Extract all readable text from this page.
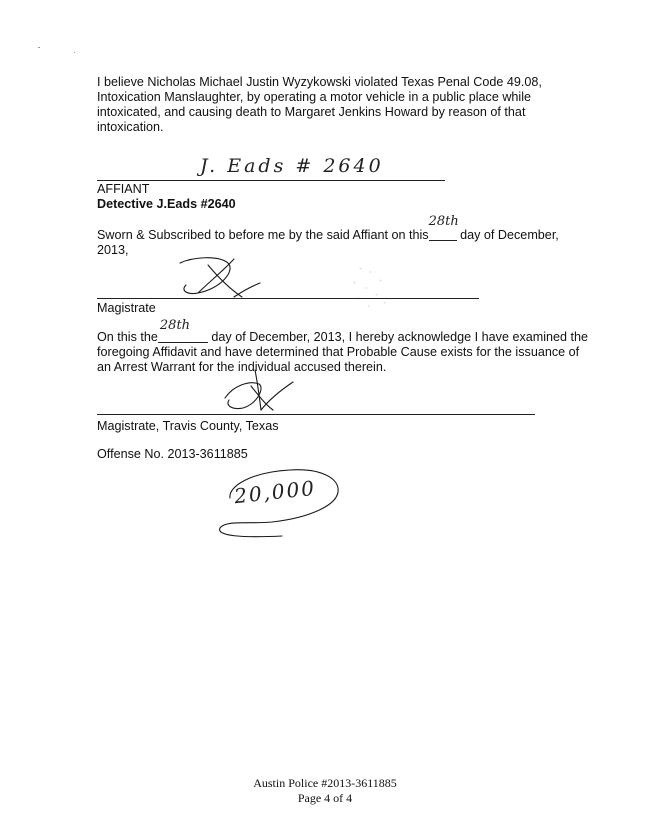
I believe Nicholas Michael Justin Wyzykowski violated Texas Penal Code 49.08,
Intoxication Manslaughter, by operating a motor vehicle in a public place while
intoxicated, and causing death to Margaret Jenkins Howard by reason of that
intoxication.
J. Eads # 2640
AFFIANT
Detective J.Eads #2640
Sworn & Subscribed to before me by the said Affiant on this
28th
day of December,
2013,
Magistrate
On this the
28th
day of December, 2013, I hereby acknowledge I have examined the
foregoing Affidavit and have determined that Probable Cause exists for the issuance of
an Arrest Warrant for the individual accused therein.
Magistrate, Travis County, Texas
Offense No. 2013-3611885
20,000
Austin Police #2013-3611885
Page 4 of 4
